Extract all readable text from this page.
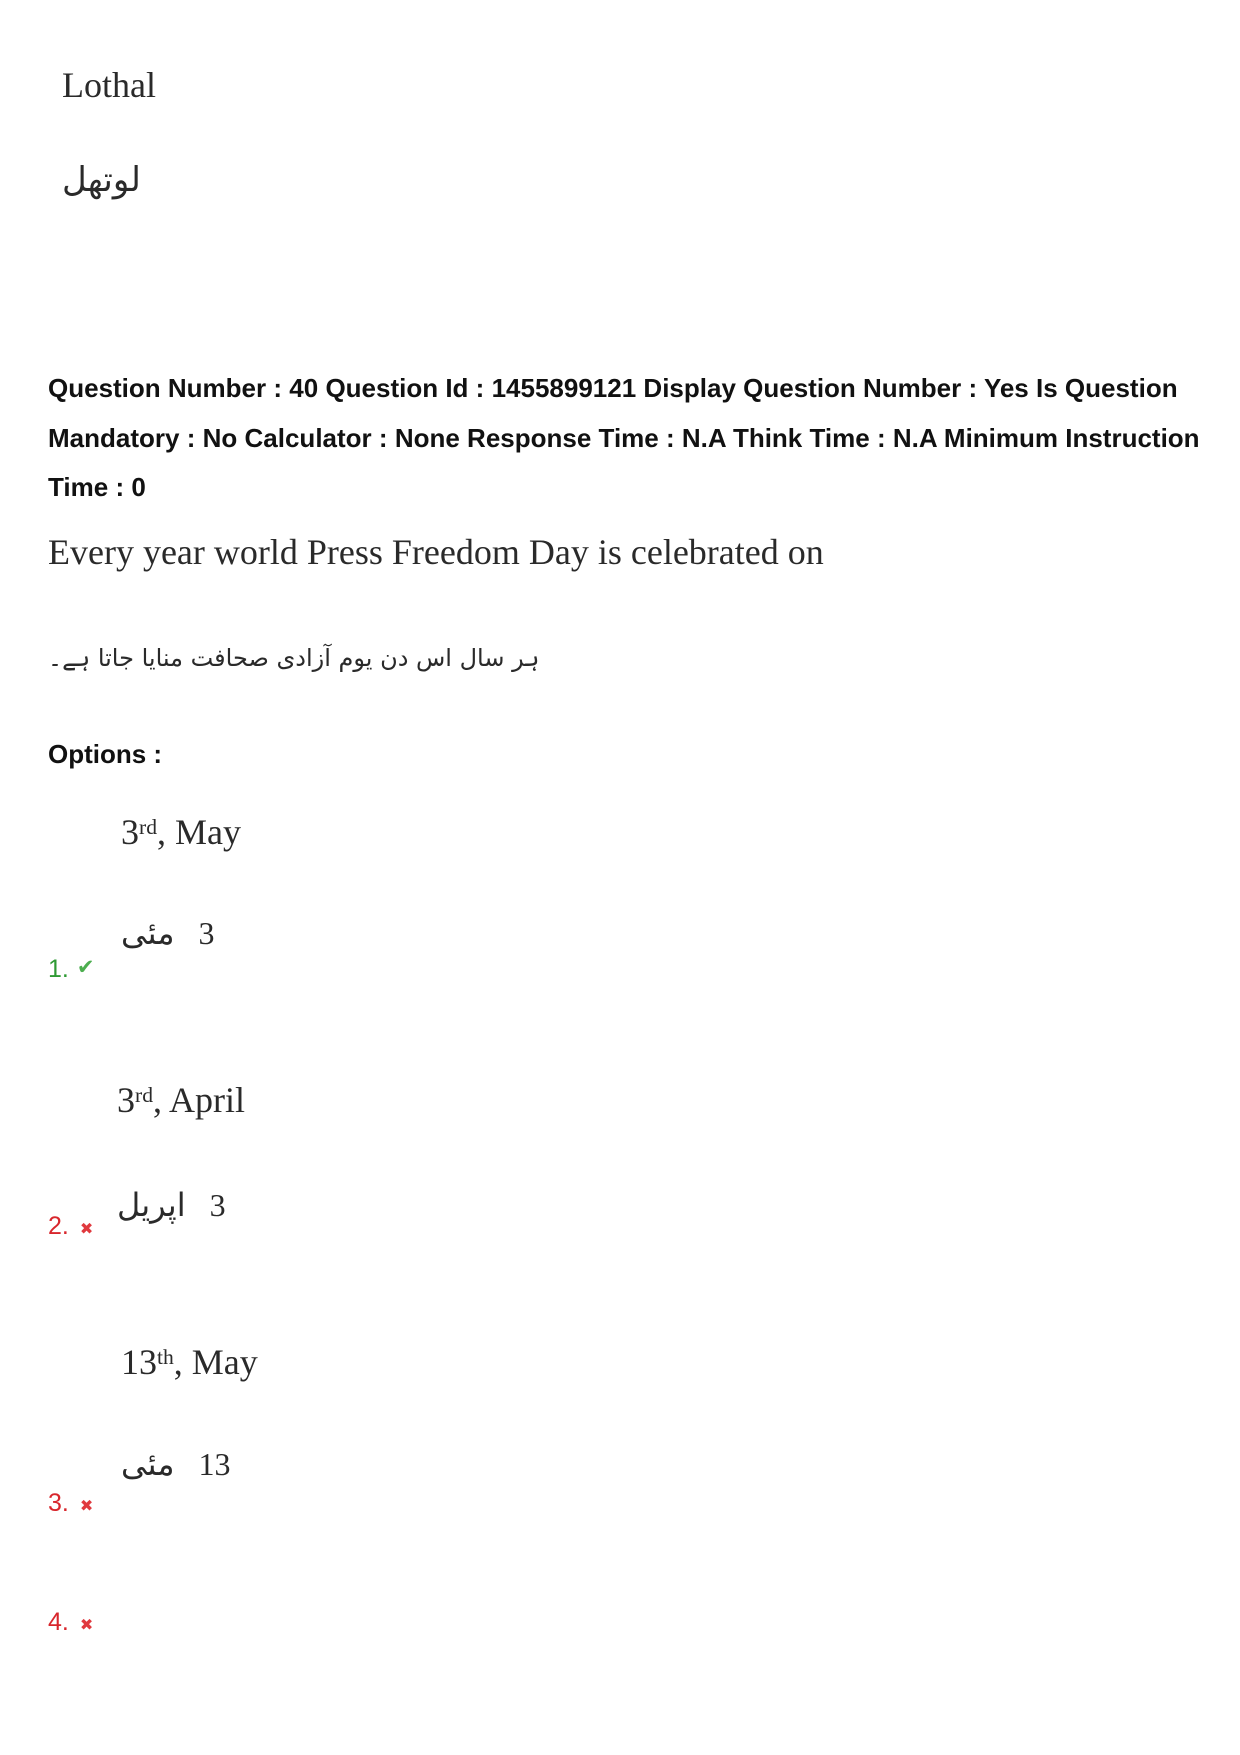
Lothal
لوتھل

Question Number : 40 Question Id : 1455899121 Display Question Number : Yes Is Question Mandatory : No Calculator : None Response Time : N.A Think Time : N.A Minimum Instruction Time : 0

Every year world Press Freedom Day is celebrated on
ہر سال اس دن یوم آزادی صحافت منایا جاتا ہے۔
Options :
3rd, May
3 مئی
1.✔
3rd, April
3 اپریل
2.✖
13th, May
13 مئی
3.✖
4.✖
